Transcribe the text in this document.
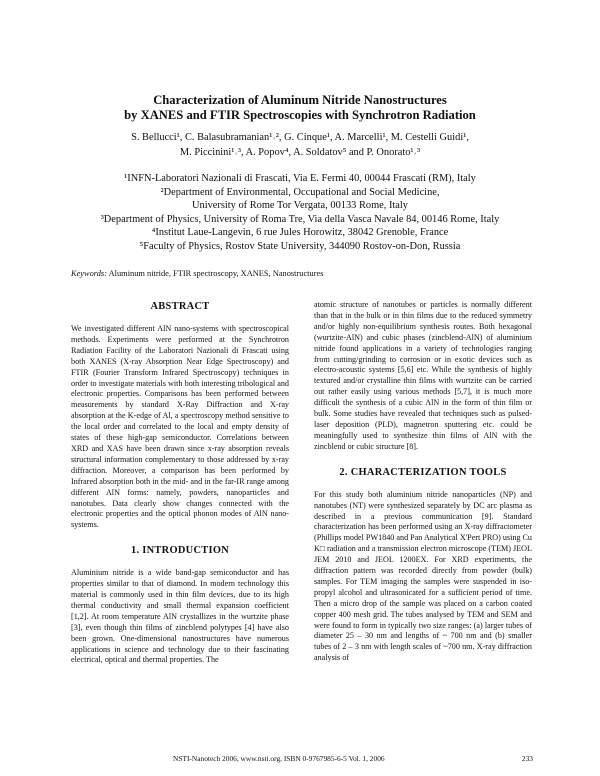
Characterization of Aluminum Nitride Nanostructures
by XANES and FTIR Spectroscopies with Synchrotron Radiation
S. Bellucci¹, C. Balasubramanian¹˒², G. Cinque¹, A. Marcelli¹, M. Cestelli Guidi¹,
M. Piccinini¹˒³, A. Popov⁴, A. Soldatov⁵ and P. Onorato¹˒³
¹INFN-Laboratori Nazionali di Frascati, Via E. Fermi 40, 00044 Frascati (RM), Italy
²Department of Environmental, Occupational and Social Medicine,
University of Rome Tor Vergata, 00133 Rome, Italy
³Department of Physics, University of Roma Tre, Via della Vasca Navale 84, 00146 Rome, Italy
⁴Institut Laue-Langevin, 6 rue Jules Horowitz, 38042 Grenoble, France
⁵Faculty of Physics, Rostov State University, 344090 Rostov-on-Don, Russia
Keywords: Aluminum nitride, FTIR spectroscopy, XANES, Nanostructures
ABSTRACT

We investigated different AlN nano-systems with spectroscopical methods. Experiments were performed at the Synchrotron Radiation Facility of the Laboratori Nazionali di Frascati using both XANES (X-ray Absorption Near Edge Spectroscopy) and FTIR (Fourier Transform Infrared Spectroscopy) techniques in order to investigate materials with both interesting tribological and electronic properties. Comparisons has been performed between measurements by standard X-Ray Diffraction and X-ray absorption at the K-edge of Al, a spectroscopy method sensitive to the local order and correlated to the local and empty density of states of these high-gap semiconductor. Correlations between XRD and XAS have been drawn since x-ray absorption reveals structural information complementary to those addressed by x-ray diffraction. Moreover, a comparison has been performed by Infrared absorption both in the mid- and in the far-IR range among different AlN forms: namely, powders, nanoparticles and nanotubes. Data clearly show changes connected with the electronic properties and the optical phonon modes of AlN nano-systems.

1. INTRODUCTION

Aluminium nitride is a wide band-gap semiconductor and has properties similar to that of diamond. In modern technology this material is commonly used in thin film devices, due to its high thermal conductivity and small thermal expansion coefficient [1,2]. At room temperature AlN crystallizes in the wurtzite phase [3], even though thin films of zincblend polytypes [4] have also been grown. One-dimensional nanostructures have numerous applications in science and technology due to their fascinating electrical, optical and thermal properties. The

atomic structure of nanotubes or particles is normally different than that in the bulk or in thin films due to the reduced symmetry and/or highly non-equilibrium synthesis routes. Both hexagonal (wurtzite-AlN) and cubic phases (zincblend-AlN) of aluminium nitride found applications in a variety of technologies ranging from cutting/grinding to corrosion or in exotic devices such as electro-acoustic systems [5,6] etc. While the synthesis of highly textured and/or crystalline thin films with wurtzite can be carried out rather easily using various methods [5,7], it is much more difficult the synthesis of a cubic AlN in the form of thin film or bulk. Some studies have revealed that techniques such as pulsed-laser deposition (PLD), magnetron sputtering etc. could be meaningfully used to synthesize thin films of AlN with the zincblend or cubic structure [8].

2. CHARACTERIZATION TOOLS

For this study both aluminium nitride nanoparticles (NP) and nanotubes (NT) were synthesized separately by DC arc plasma as described in a previous communication [9]. Standard characterization has been performed using an X-ray diffractometer (Phillips model PW1840 and Pan Analytical X'Pert PRO) using Cu K□ radiation and a transmission electron microscope (TEM) JEOL JEM 2010 and JEOL 1200EX. For XRD experiments, the diffraction pattern was recorded directly from powder (bulk) samples. For TEM imaging the samples were suspended in iso-propyl alcohol and ultrasonicated for a sufficient period of time. Then a micro drop of the sample was placed on a carbon coated copper 400 mesh grid. The tubes analysed by TEM and SEM and were found to form in typically two size ranges: (a) larger tubes of diameter 25 – 30 nm and lengths of ~ 700 nm and (b) smaller tubes of 2 – 3 nm with length scales of ~700 nm. X-ray diffraction analysis of

NSTI-Nanotech 2006, www.nsti.org, ISBN 0-9767985-6-5 Vol. 1, 2006	233
